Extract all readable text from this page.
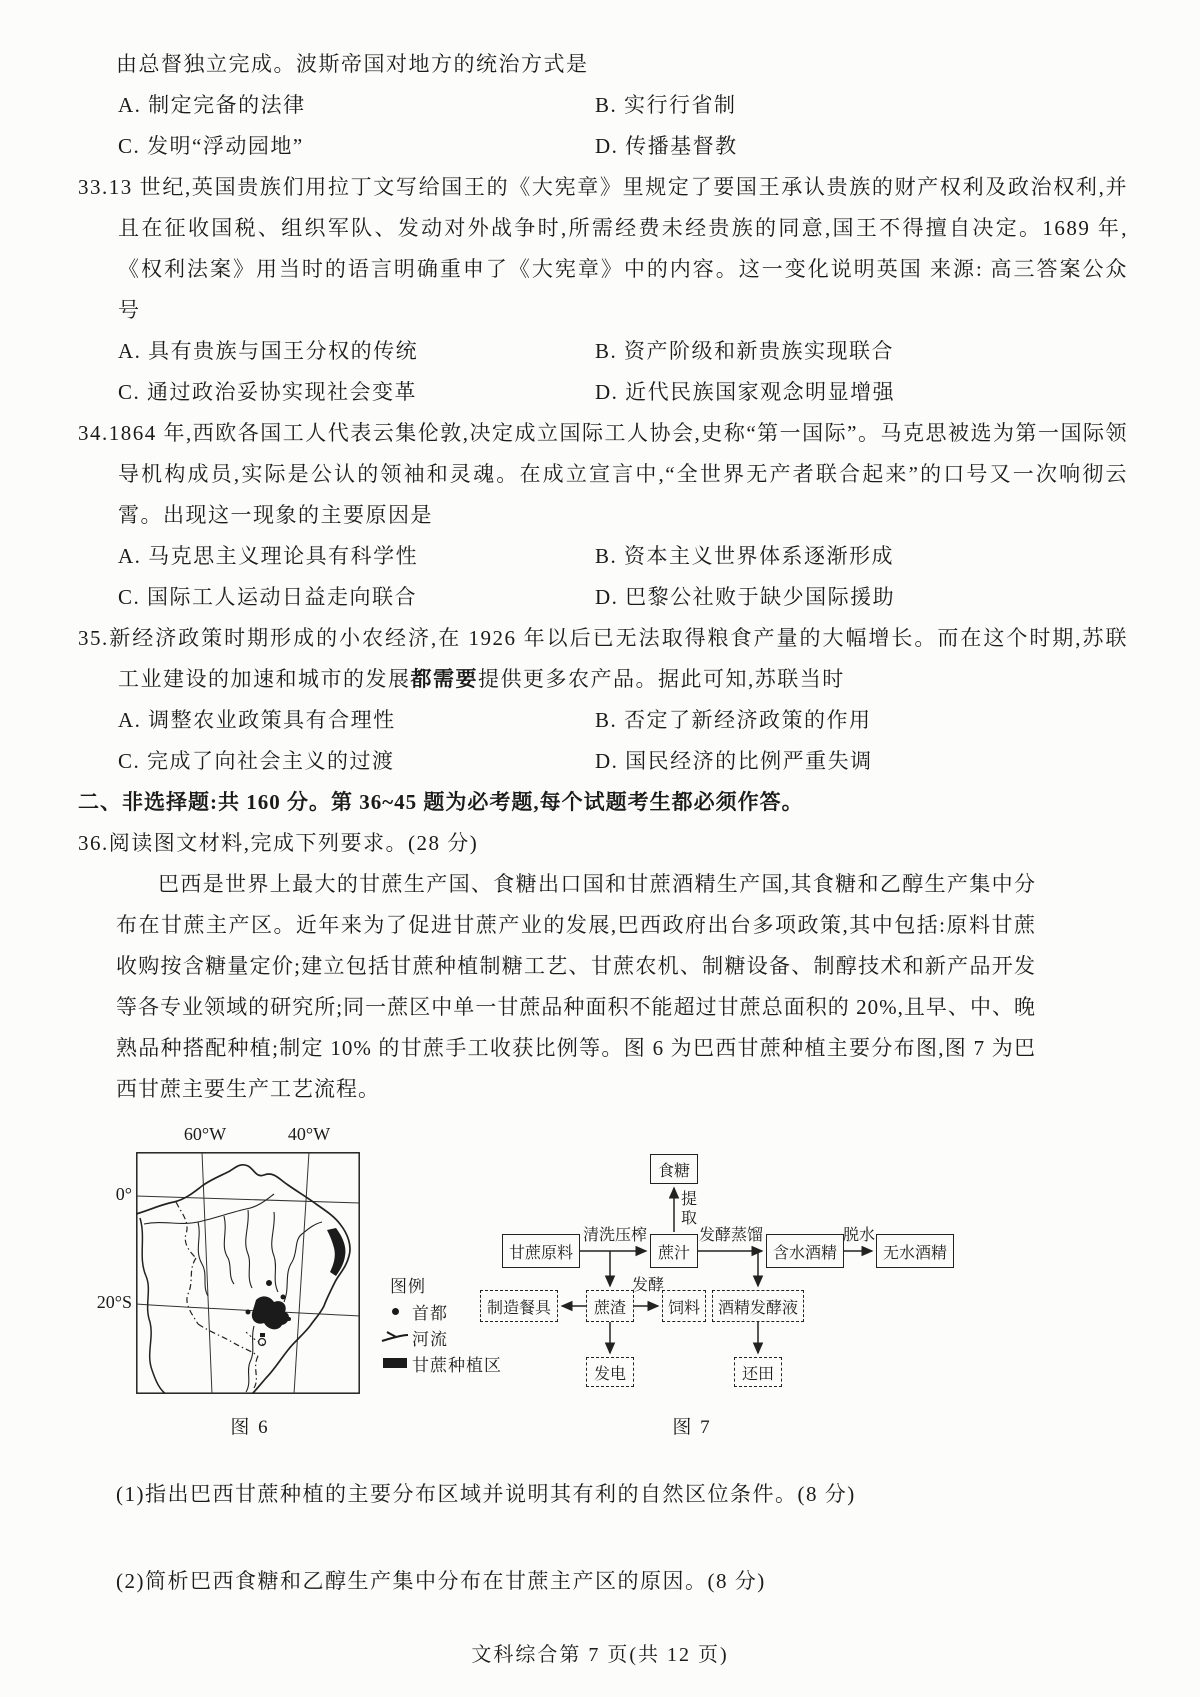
由总督独立完成。波斯帝国对地方的统治方式是

A. 制定完备的法律	B. 实行行省制
C. 发明“浮动园地”	D. 传播基督教

33.13 世纪,英国贵族们用拉丁文写给国王的《大宪章》里规定了要国王承认贵族的财产权利及政治权利,并且在征收国税、组织军队、发动对外战争时,所需经费未经贵族的同意,国王不得擅自决定。1689 年,《权利法案》用当时的语言明确重申了《大宪章》中的内容。这一变化说明英国 来源: 高三答案公众号

A. 具有贵族与国王分权的传统	B. 资产阶级和新贵族实现联合
C. 通过政治妥协实现社会变革	D. 近代民族国家观念明显增强

34.1864 年,西欧各国工人代表云集伦敦,决定成立国际工人协会,史称“第一国际”。马克思被选为第一国际领导机构成员,实际是公认的领袖和灵魂。在成立宣言中,“全世界无产者联合起来”的口号又一次响彻云霄。出现这一现象的主要原因是

A. 马克思主义理论具有科学性	B. 资本主义世界体系逐渐形成
C. 国际工人运动日益走向联合	D. 巴黎公社败于缺少国际援助

35.新经济政策时期形成的小农经济,在 1926 年以后已无法取得粮食产量的大幅增长。而在这个时期,苏联工业建设的加速和城市的发展都需要提供更多农产品。据此可知,苏联当时

A. 调整农业政策具有合理性	B. 否定了新经济政策的作用
C. 完成了向社会主义的过渡	D. 国民经济的比例严重失调

二、非选择题:共 160 分。第 36~45 题为必考题,每个试题考生都必须作答。

36.阅读图文材料,完成下列要求。(28 分)

巴西是世界上最大的甘蔗生产国、食糖出口国和甘蔗酒精生产国,其食糖和乙醇生产集中分布在甘蔗主产区。近年来为了促进甘蔗产业的发展,巴西政府出台多项政策,其中包括:原料甘蔗收购按含糖量定价;建立包括甘蔗种植制糖工艺、甘蔗农机、制糖设备、制醇技术和新产品开发等各专业领域的研究所;同一蔗区中单一甘蔗品种面积不能超过甘蔗总面积的 20%,且早、中、晚熟品种搭配种植;制定 10% 的甘蔗手工收获比例等。图 6 为巴西甘蔗种植主要分布图,图 7 为巴西甘蔗主要生产工艺流程。

60°W	40°W
0°
20°S
图例
首都
河流
甘蔗种植区
图 6
食糖
甘蔗原料	蔗汁	含水酒精	无水酒精
制造餐具	蔗渣	饲料	酒精发酵液
发电	还田
清洗压榨	发酵蒸馏	脱水
提取
发酵
图 7

(1)指出巴西甘蔗种植的主要分布区域并说明其有利的自然区位条件。(8 分)

(2)简析巴西食糖和乙醇生产集中分布在甘蔗主产区的原因。(8 分)

文科综合第 7 页(共 12 页)
